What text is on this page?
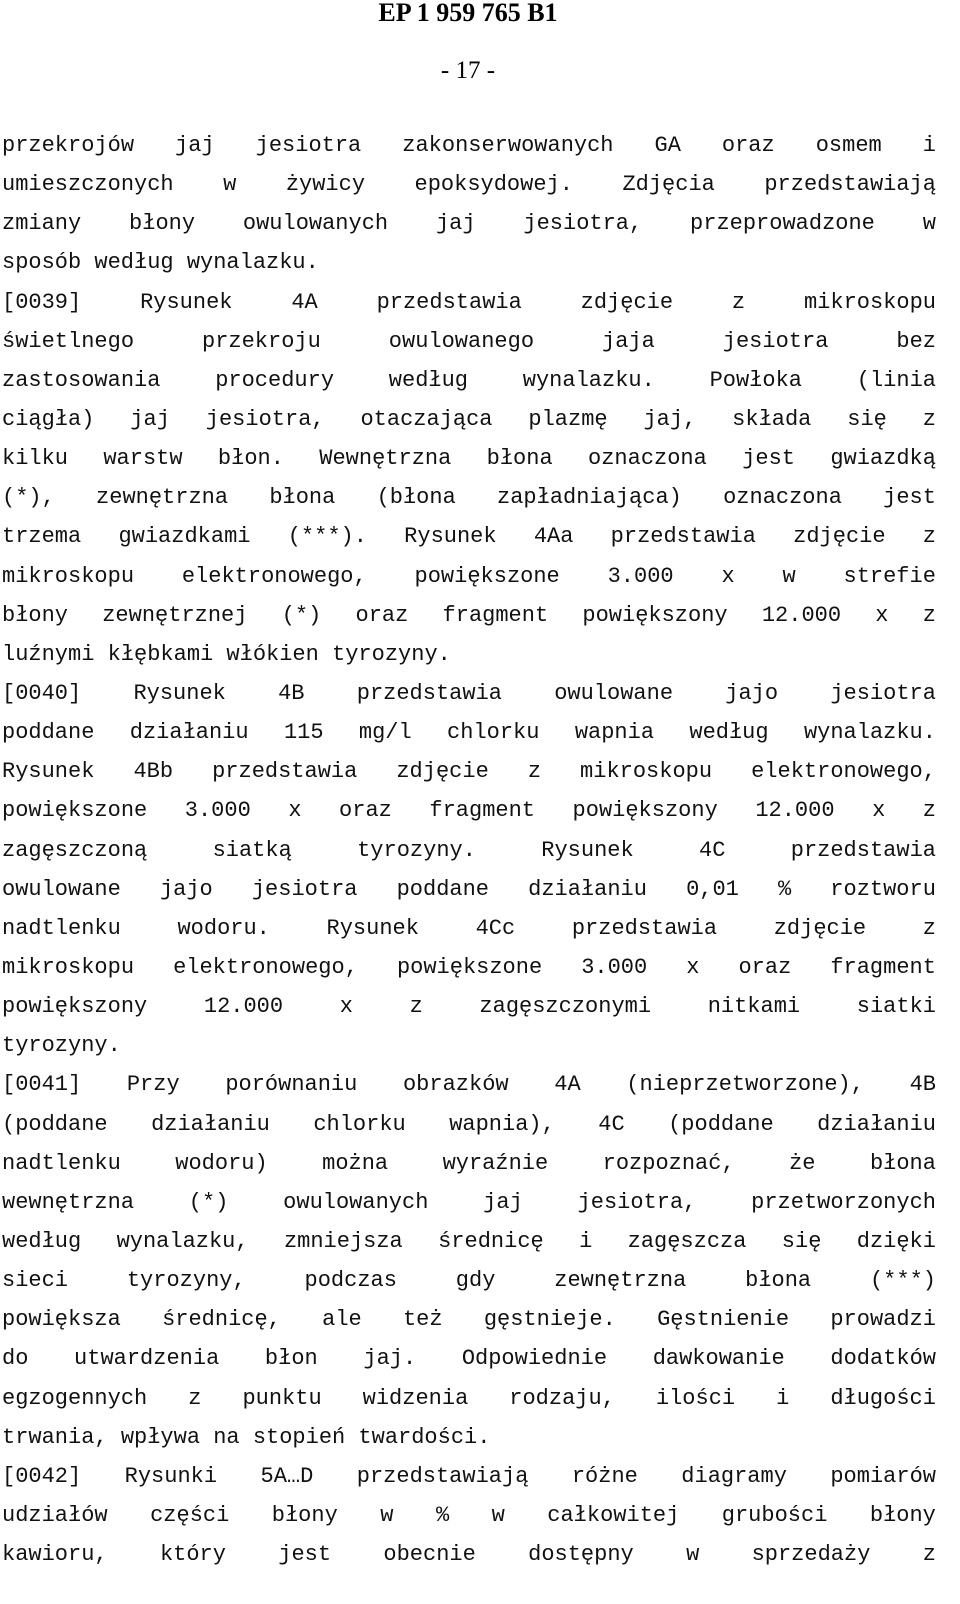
EP 1 959 765 B1
- 17 -
przekrojów jaj jesiotra zakonserwowanych GA oraz osmem i
umieszczonych w żywicy epoksydowej. Zdjęcia przedstawiają
zmiany błony owulowanych jaj jesiotra, przeprowadzone w
sposób według wynalazku.
[0039]	Rysunek	4A	przedstawia	zdjęcie	z	mikroskopu
świetlnego	przekroju	owulowanego	jaja	jesiotra	bez
zastosowania procedury według wynalazku. Powłoka (linia
ciągła) jaj jesiotra, otaczająca plazmę jaj, składa się z
kilku warstw błon. Wewnętrzna błona oznaczona jest gwiazdką
(*), zewnętrzna błona (błona zapładniająca) oznaczona jest
trzema gwiazdkami (***). Rysunek 4Aa przedstawia zdjęcie z
mikroskopu elektronowego, powiększone 3.000 x w strefie
błony zewnętrznej (*) oraz fragment powiększony 12.000 x z
luźnymi kłębkami włókien tyrozyny.
[0040] Rysunek 4B przedstawia owulowane jajo jesiotra
poddane działaniu 115 mg/l chlorku wapnia według wynalazku.
Rysunek 4Bb przedstawia zdjęcie z mikroskopu elektronowego,
powiększone 3.000 x oraz fragment powiększony 12.000 x z
zagęszczoną	siatką	tyrozyny.	Rysunek	4C	przedstawia
owulowane jajo jesiotra poddane działaniu 0,01 % roztworu
nadtlenku	wodoru.	Rysunek	4Cc	przedstawia	zdjęcie	z
mikroskopu elektronowego, powiększone 3.000 x oraz fragment
powiększony	12.000	x	z	zagęszczonymi	nitkami	siatki
tyrozyny.
[0041] Przy porównaniu obrazków 4A (nieprzetworzone), 4B
(poddane działaniu chlorku wapnia), 4C (poddane działaniu
nadtlenku wodoru) można wyraźnie rozpoznać, że błona
wewnętrzna (*) owulowanych jaj jesiotra, przetworzonych
według wynalazku, zmniejsza średnicę i zagęszcza się dzięki
sieci	tyrozyny,	podczas	gdy	zewnętrzna	błona	(***)
powiększa średnicę, ale też gęstnieje. Gęstnienie prowadzi
do utwardzenia błon jaj. Odpowiednie dawkowanie dodatków
egzogennych z punktu widzenia rodzaju, ilości i długości
trwania, wpływa na stopień twardości.
[0042] Rysunki 5A…D przedstawiają różne diagramy pomiarów
udziałów części błony w % w całkowitej grubości błony
kawioru, który jest obecnie dostępny w sprzedaży z
